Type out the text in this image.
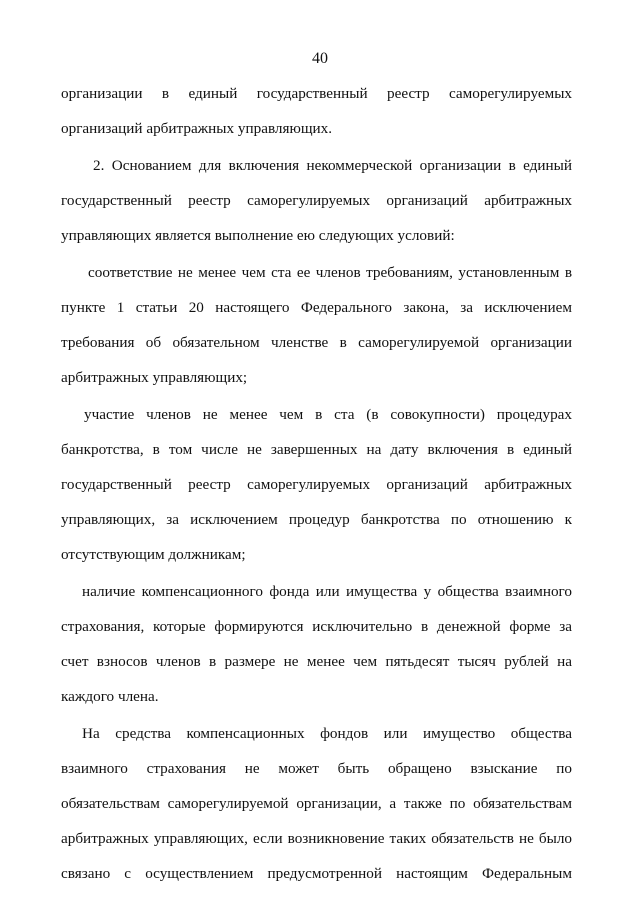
40
организации в единый государственный реестр саморегулируемых
организаций арбитражных управляющих.
2. Основанием для включения некоммерческой организации в единый
государственный реестр саморегулируемых организаций арбитражных
управляющих является выполнение ею следующих условий:
соответствие не менее чем ста ее членов требованиям, установленным в
пункте 1 статьи 20 настоящего Федерального закона, за исключением
требования об обязательном членстве в саморегулируемой организации
арбитражных управляющих;
участие членов не менее чем в ста (в совокупности) процедурах
банкротства, в том числе не завершенных на дату включения в единый
государственный реестр саморегулируемых организаций арбитражных
управляющих, за исключением процедур банкротства по отношению к
отсутствующим должникам;
наличие компенсационного фонда или имущества у общества взаимного
страхования, которые формируются исключительно в денежной форме за
счет взносов членов в размере не менее чем пятьдесят тысяч рублей на
каждого члена.
На средства компенсационных фондов или имущество общества
взаимного страхования не может быть обращено взыскание по
обязательствам саморегулируемой организации, а также по обязательствам
арбитражных управляющих, если возникновение таких обязательств не было
связано с осуществлением предусмотренной настоящим Федеральным
